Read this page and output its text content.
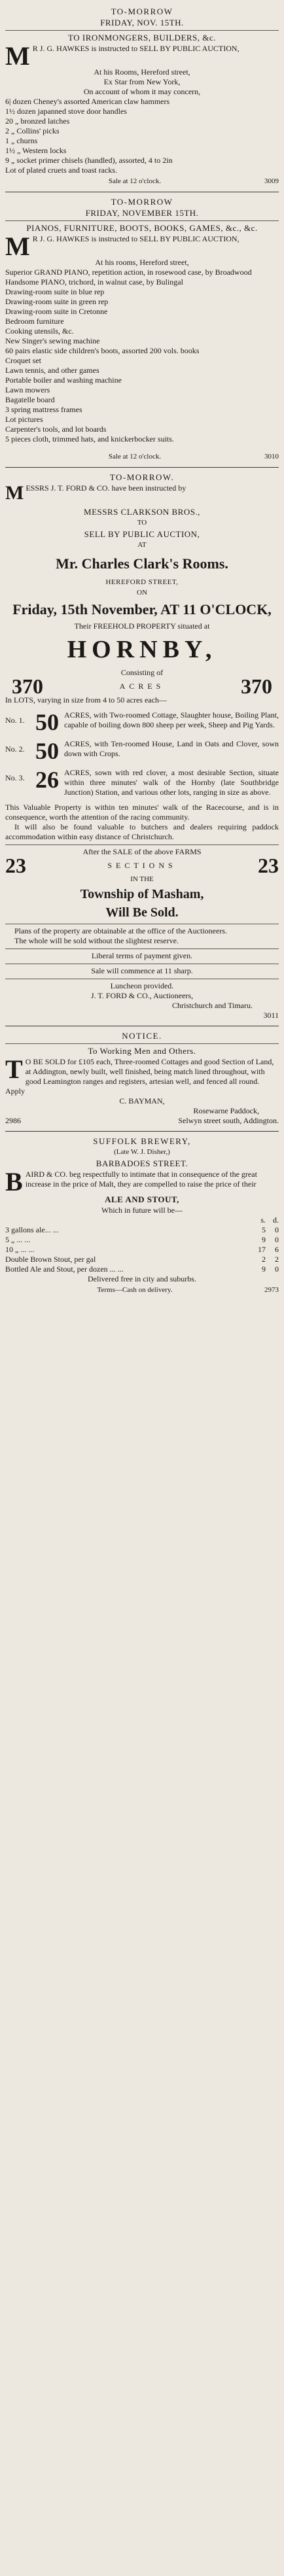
TO-MORROW
FRIDAY, NOV. 15TH.
TO IRONMONGERS, BUILDERS, &c.
M R J. G. HAWKES is instructed to SELL BY PUBLIC AUCTION,
At his Rooms, Hereford street,
Ex Star from New York,
On account of whom it may concern,
6| dozen Cheney's assorted American claw hammers
1½ dozen japanned stove door handles
20 „ bronzed latches
2 „ Collins' picks
1 „ churns
1½ „ Western locks
9 „ socket primer chisels (handled), assorted, 4 to 2in
Lot of plated cruets and toast racks.
Sale at 12 o'clock.	3009
TO-MORROW
FRIDAY, NOVEMBER 15TH.
PIANOS, FURNITURE, BOOTS, BOOKS, GAMES, &c., &c.
M R J. G. HAWKES is instructed to SELL BY PUBLIC AUCTION,
At his rooms, Hereford street,
Superior GRAND PIANO, repetition action, in rosewood case, by Broadwood
Handsome PIANO, trichord, in walnut case, by Bulingal
Drawing-room suite in blue rep
Drawing-room suite in green rep
Drawing-room suite in Cretonne
Bedroom furniture
Cooking utensils, &c.
New Singer's sewing machine
60 pairs elastic side children's boots, assorted 200 vols. books
Croquet set
Lawn tennis, and other games
Portable boiler and washing machine
Lawn mowers
Bagatelle board
3 spring mattress frames
Lot pictures
Carpenter's tools, and lot boards
5 pieces cloth, trimmed hats, and knickerbocker suits.
Sale at 12 o'clock.	3010
TO-MORROW.
M ESSRS J. T. FORD & CO. have been instructed by
MESSRS CLARKSON BROS.,
TO
SELL BY PUBLIC AUCTION,
AT
Mr. Charles Clark's Rooms.
HEREFORD STREET,
ON
Friday, 15th November, AT 11 O'CLOCK,
Their FREEHOLD PROPERTY situated at
HORNBY,
Consisting of
370	ACRES	370
In LOTS, varying in size from 4 to 50 acres each—
No. 1. 50 ACRES, with Two-roomed Cottage, Slaughter house, Boiling Plant, capable of boiling down 800 sheep per week, Sheep and Pig Yards.
No. 2. 50 ACRES, with Ten-roomed House, Land in Oats and Clover, sown down with Crops.
No. 3. 26 ACRES, sown with red clover, a most desirable Section, situate within three minutes' walk of the Hornby (late Southbridge Junction) Station, and various other lots, ranging in size as above.
This Valuable Property is within ten minutes' walk of the Racecourse, and is in consequence, worth the attention of the racing community.
It will also be found valuable to butchers and dealers requiring paddock accommodation within easy distance of Christchurch.
After the SALE of the above FARMS
23	SECTIONS	23
IN THE
Township of Masham,
Will Be Sold.
Plans of the property are obtainable at the office of the Auctioneers.
The whole will be sold without the slightest reserve.
Liberal terms of payment given.
Sale will commence at 11 sharp.
Luncheon provided.
J. T. FORD & CO., Auctioneers,
Christchurch and Timaru.
3011
NOTICE.
To Working Men and Others.
T O BE SOLD for £105 each, Three-roomed Cottages and good Section of Land, at Addington, newly built, well finished, being match lined throughout, with good Leamington ranges and registers, artesian well, and fenced all round. Apply
C. BAYMAN,
Rosewarne Paddock,
2986	Selwyn street south, Addington.
SUFFOLK BREWERY,
(Late W. J. Disher,)
BARBADOES STREET.
B AIRD & CO. beg respectfully to intimate that in consequence of the great increase in the price of Malt, they are compelled to raise the price of their
ALE AND STOUT,
Which in future will be—
s. d.
3 gallons ale... ...	5	0
5 „ ... ...	9	0
10 „ ... ...	17	6
Double Brown Stout, per gal	2	2
Bottled Ale and Stout, per dozen ... ...	9	0
Delivered free in city and suburbs.
Terms—Cash on delivery.	2973
